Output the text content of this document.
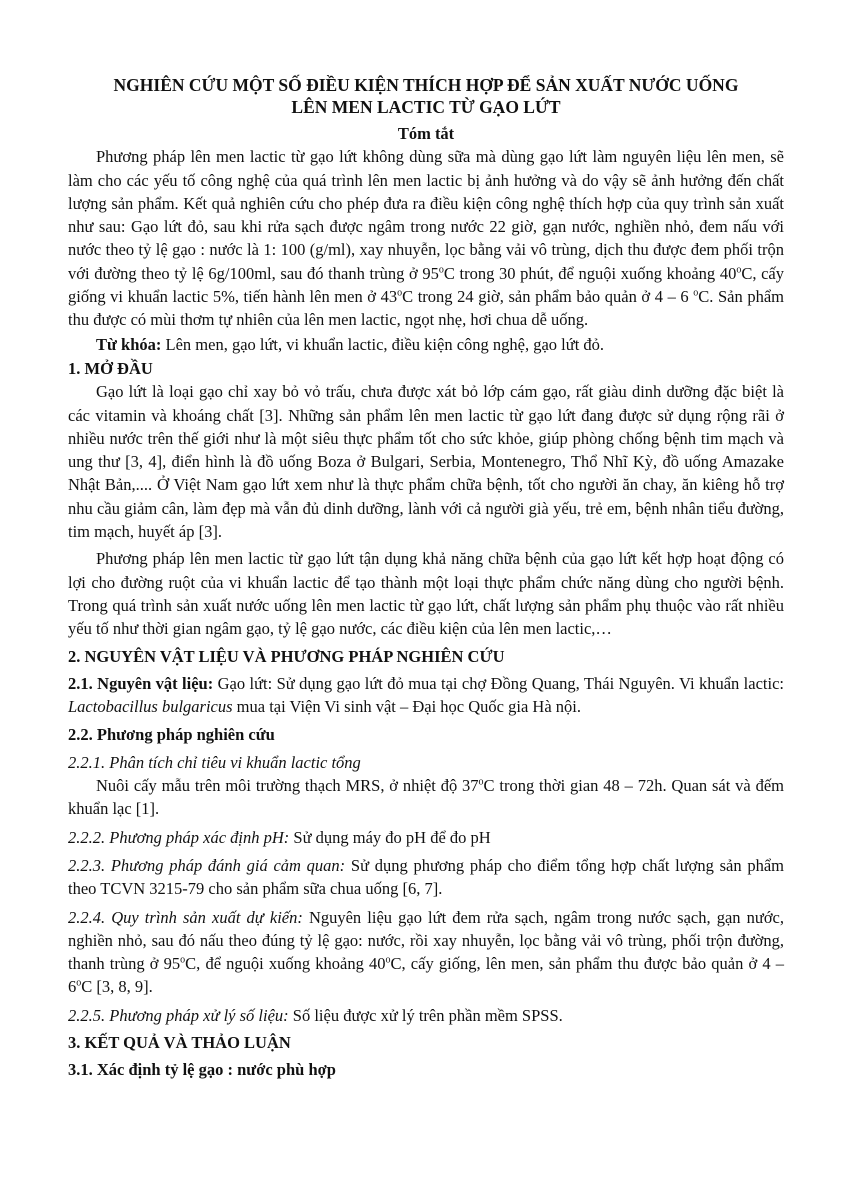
NGHIÊN CỨU MỘT SỐ ĐIỀU KIỆN THÍCH HỢP ĐỂ SẢN XUẤT NƯỚC UỐNG
LÊN MEN LACTIC TỪ GẠO LỨT
Tóm tắt

Phương pháp lên men lactic từ gạo lứt không dùng sữa mà dùng gạo lứt làm nguyên liệu lên men, sẽ làm cho các yếu tố công nghệ của quá trình lên men lactic bị ảnh hưởng và do vậy sẽ ảnh hưởng đến chất lượng sản phẩm. Kết quả nghiên cứu cho phép đưa ra điều kiện công nghệ thích hợp của quy trình sản xuất như sau: Gạo lứt đỏ, sau khi rửa sạch được ngâm trong nước 22 giờ, gạn nước, nghiền nhỏ, đem nấu với nước theo tỷ lệ gạo : nước là 1: 100 (g/ml), xay nhuyễn, lọc bằng vải vô trùng, dịch thu được đem phối trộn với đường theo tỷ lệ 6g/100ml, sau đó thanh trùng ở 95$^o$C trong 30 phút, để nguội xuống khoảng 40$^o$C, cấy giống vi khuẩn lactic 5%, tiến hành lên men ở 43$^o$C trong 24 giờ, sản phẩm bảo quản ở 4 – 6 $^o$C. Sản phẩm thu được có mùi thơm tự nhiên của lên men lactic, ngọt nhẹ, hơi chua dễ uống.

Từ khóa: Lên men, gạo lứt, vi khuẩn lactic, điều kiện công nghệ, gạo lứt đỏ.

1. MỞ ĐẦU

Gạo lứt là loại gạo chỉ xay bỏ vỏ trấu, chưa được xát bỏ lớp cám gạo, rất giàu dinh dưỡng đặc biệt là các vitamin và khoáng chất [3]. Những sản phẩm lên men lactic từ gạo lứt đang được sử dụng rộng rãi ở nhiều nước trên thế giới như là một siêu thực phẩm tốt cho sức khỏe, giúp phòng chống bệnh tim mạch và ung thư [3, 4], điển hình là đồ uống Boza ở Bulgari, Serbia, Montenegro, Thổ Nhĩ Kỳ, đồ uống Amazake Nhật Bản,.... Ở Việt Nam gạo lứt xem như là thực phẩm chữa bệnh, tốt cho người ăn chay, ăn kiêng hỗ trợ nhu cầu giảm cân, làm đẹp mà vẫn đủ dinh dưỡng, lành với cả người già yếu, trẻ em, bệnh nhân tiểu đường, tim mạch, huyết áp [3].

Phương pháp lên men lactic từ gạo lứt tận dụng khả năng chữa bệnh của gạo lứt kết hợp hoạt động có lợi cho đường ruột của vi khuẩn lactic để tạo thành một loại thực phẩm chức năng dùng cho người bệnh. Trong quá trình sản xuất nước uống lên men lactic từ gạo lứt, chất lượng sản phẩm phụ thuộc vào rất nhiều yếu tố như thời gian ngâm gạo, tỷ lệ gạo nước, các điều kiện của lên men lactic,…

2. NGUYÊN VẬT LIỆU VÀ PHƯƠNG PHÁP NGHIÊN CỨU

2.1. Nguyên vật liệu: Gạo lứt: Sử dụng gạo lứt đỏ mua tại chợ Đồng Quang, Thái Nguyên. Vi khuẩn lactic: Lactobacillus bulgaricus mua tại Viện Vi sinh vật – Đại học Quốc gia Hà nội.

2.2. Phương pháp nghiên cứu
2.2.1. Phân tích chỉ tiêu vi khuẩn lactic tổng

Nuôi cấy mẫu trên môi trường thạch MRS, ở nhiệt độ 37$^o$C trong thời gian 48 – 72h. Quan sát và đếm khuẩn lạc [1].

2.2.2. Phương pháp xác định pH: Sử dụng máy đo pH để đo pH

2.2.3. Phương pháp đánh giá cảm quan: Sử dụng phương pháp cho điểm tổng hợp chất lượng sản phẩm theo TCVN 3215-79 cho sản phẩm sữa chua uống [6, 7].

2.2.4. Quy trình sản xuất dự kiến: Nguyên liệu gạo lứt đem rửa sạch, ngâm trong nước sạch, gạn nước, nghiền nhỏ, sau đó nấu theo đúng tỷ lệ gạo: nước, rồi xay nhuyễn, lọc bằng vải vô trùng, phối trộn đường, thanh trùng ở 95$^o$C, để nguội xuống khoảng 40$^o$C, cấy giống, lên men, sản phẩm thu được bảo quản ở 4 – 6$^o$C [3, 8, 9].

2.2.5. Phương pháp xử lý số liệu: Số liệu được xử lý trên phần mềm SPSS.

3. KẾT QUẢ VÀ THẢO LUẬN
3.1. Xác định tỷ lệ gạo : nước phù hợp
